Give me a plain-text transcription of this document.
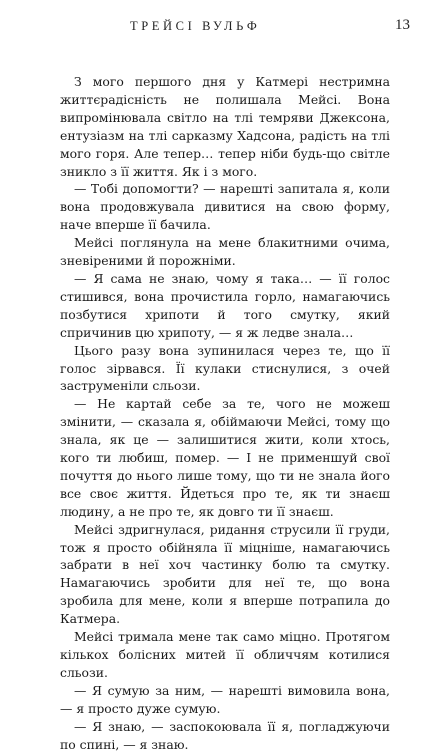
ТРЕЙСІ ВУЛЬФ	13

З мого першого дня у Катмері нестримна життєрадісність не полишала Мейсі. Вона випромінювала світло на тлі темряви Джексона, ентузіазм на тлі сарказму Хадсона, радість на тлі мого горя. Але тепер… тепер ніби будь-що світле зникло з її життя. Як і з мого.

— Тобі допомогти? — нарешті запитала я, коли вона продовжувала дивитися на свою форму, наче вперше її бачила.

Мейсі поглянула на мене блакитними очима, зневіреними й порожніми.

— Я сама не знаю, чому я така… — її голос стишився, вона прочистила горло, намагаючись позбутися хрипоти й того смутку, який спричинив цю хрипоту, — я ж ледве знала…

Цього разу вона зупинилася через те, що її голос зірвався. Її кулаки стиснулися, з очей заструменіли сльози.

— Не картай себе за те, чого не можеш змінити, — сказала я, обіймаючи Мейсі, тому що знала, як це — залишитися жити, коли хтось, кого ти любиш, помер. — І не применшуй свої почуття до нього лише тому, що ти не знала його все своє життя. Йдеться про те, як ти знаєш людину, а не про те, як довго ти її знаєш.

Мейсі здригнулася, ридання струсили її груди, тож я просто обійняла її міцніше, намагаючись забрати в неї хоч частинку болю та смутку. Намагаючись зробити для неї те, що вона зробила для мене, коли я вперше потрапила до Катмера.

Мейсі тримала мене так само міцно. Протягом кількох болісних митей її обличчям котилися сльози.

— Я сумую за ним, — нарешті вимовила вона, — я просто дуже сумую.

— Я знаю, — заспокоювала її я, погладжуючи по спині, — я знаю.
